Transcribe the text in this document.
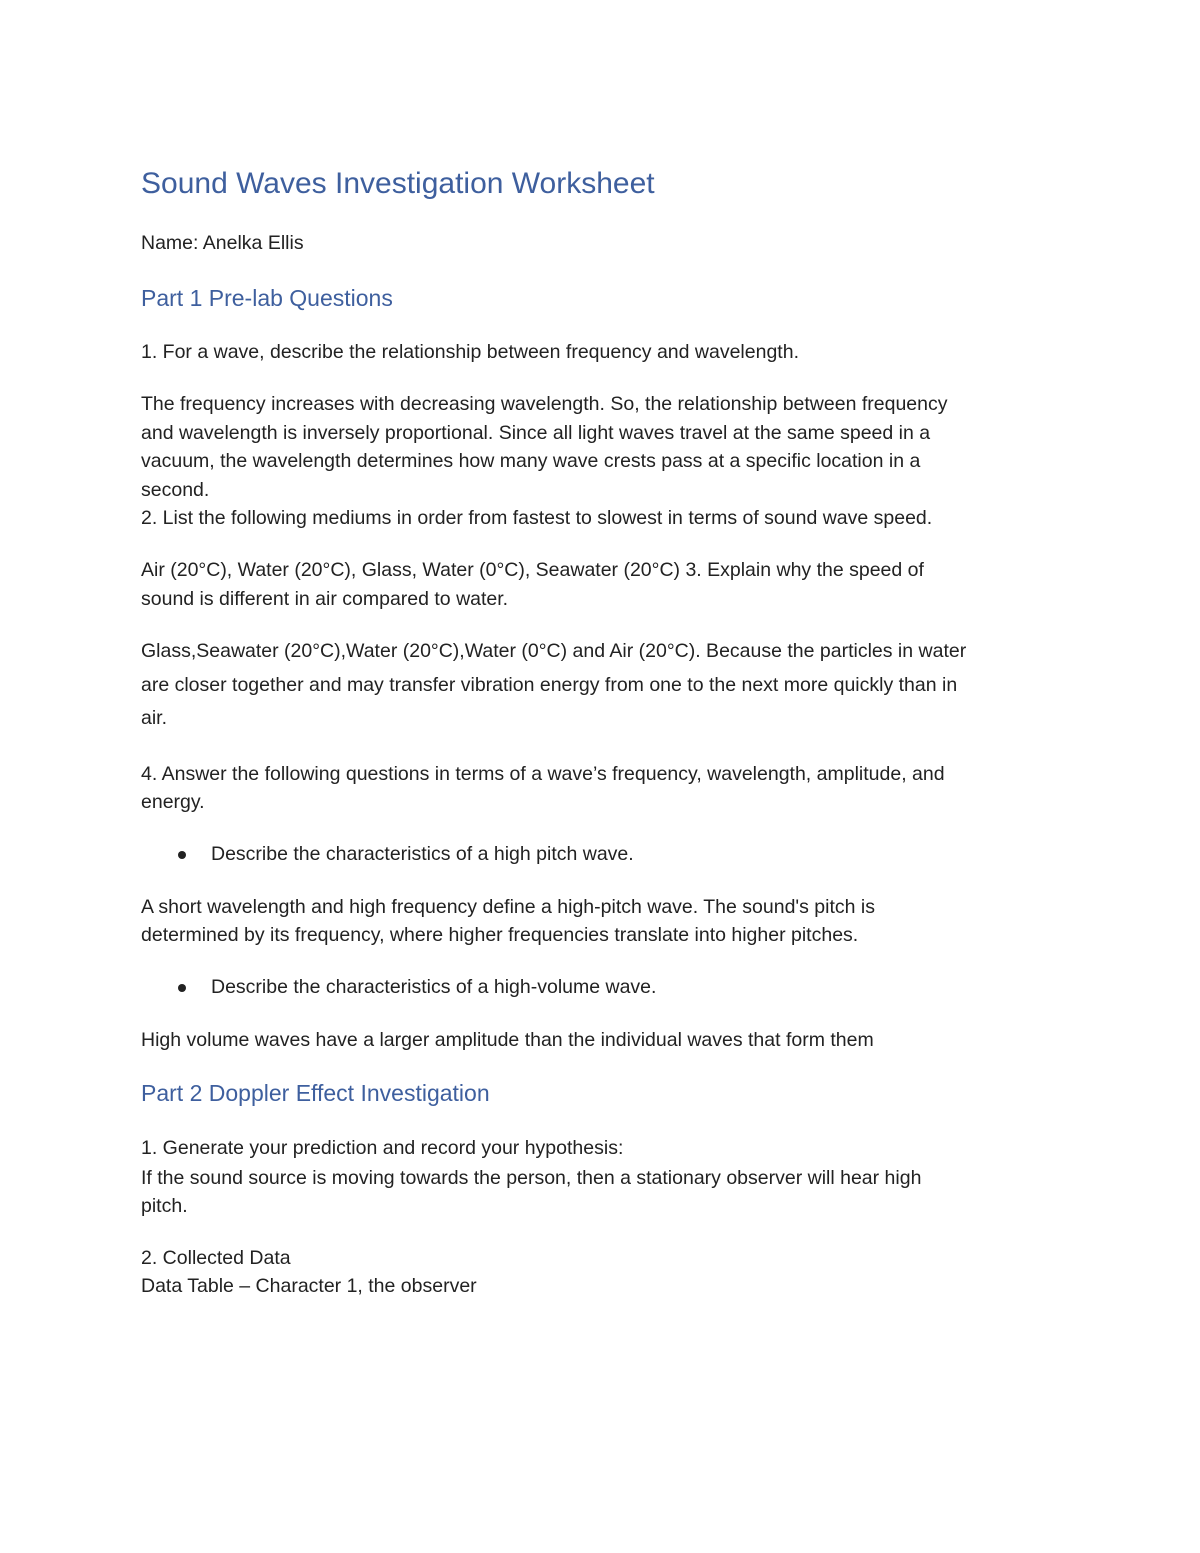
Sound Waves Investigation Worksheet
Name: Anelka Ellis
Part 1 Pre-lab Questions
1. For a wave, describe the relationship between frequency and wavelength.
The frequency increases with decreasing wavelength. So, the relationship between frequency
and wavelength is inversely proportional. Since all light waves travel at the same speed in a
vacuum, the wavelength determines how many wave crests pass at a specific location in a
second.
2. List the following mediums in order from fastest to slowest in terms of sound wave speed.
Air (20°C), Water (20°C), Glass, Water (0°C), Seawater (20°C) 3. Explain why the speed of
sound is different in air compared to water.
Glass,Seawater (20°C),Water (20°C),Water (0°C) and Air (20°C). Because the particles in water
are closer together and may transfer vibration energy from one to the next more quickly than in
air.
4. Answer the following questions in terms of a wave’s frequency, wavelength, amplitude, and
energy.
Describe the characteristics of a high pitch wave.
A short wavelength and high frequency define a high-pitch wave. The sound's pitch is
determined by its frequency, where higher frequencies translate into higher pitches.
Describe the characteristics of a high-volume wave.
High volume waves have a larger amplitude than the individual waves that form them
Part 2 Doppler Effect Investigation
1. Generate your prediction and record your hypothesis:
If the sound source is moving towards the person, then a stationary observer will hear high
pitch.
2. Collected Data
Data Table – Character 1, the observer
